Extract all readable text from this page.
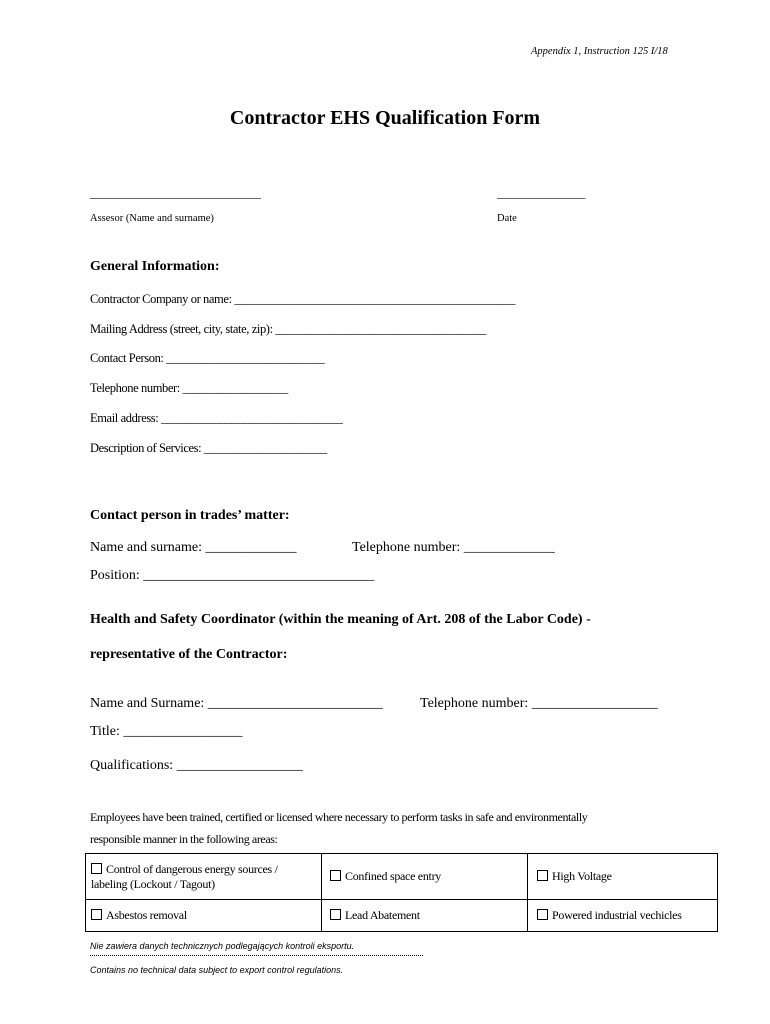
Appendix 1, Instruction 125 I/18
Contractor EHS Qualification Form
_______________________________	________________
Assesor (Name and surname)	Date
General Information:
Contractor Company or name: ________________________________________________
Mailing Address (street, city, state, zip): ____________________________________
Contact Person: ___________________________
Telephone number: __________________
Email address: _______________________________
Description of Services: _____________________
Contact person in trades’ matter:
Name and surname: _____________	Telephone number: _____________
Position: _________________________________
Health and Safety Coordinator (within the meaning of Art. 208 of the Labor Code) -
representative of the Contractor:
Name and Surname: _________________________	Telephone number: __________________
Title: _________________
Qualifications: __________________
Employees have been trained, certified or licensed where necessary to perform tasks in safe and environmentally
responsible manner in the following areas:
Control of dangerous energy sources / labeling (Lockout / Tagout)	Confined space entry	High Voltage
Asbestos removal	Lead Abatement	Powered industrial vechicles
Nie zawiera danych technicznych podlegających kontroli eksportu.
Contains no technical data subject to export control regulations.
